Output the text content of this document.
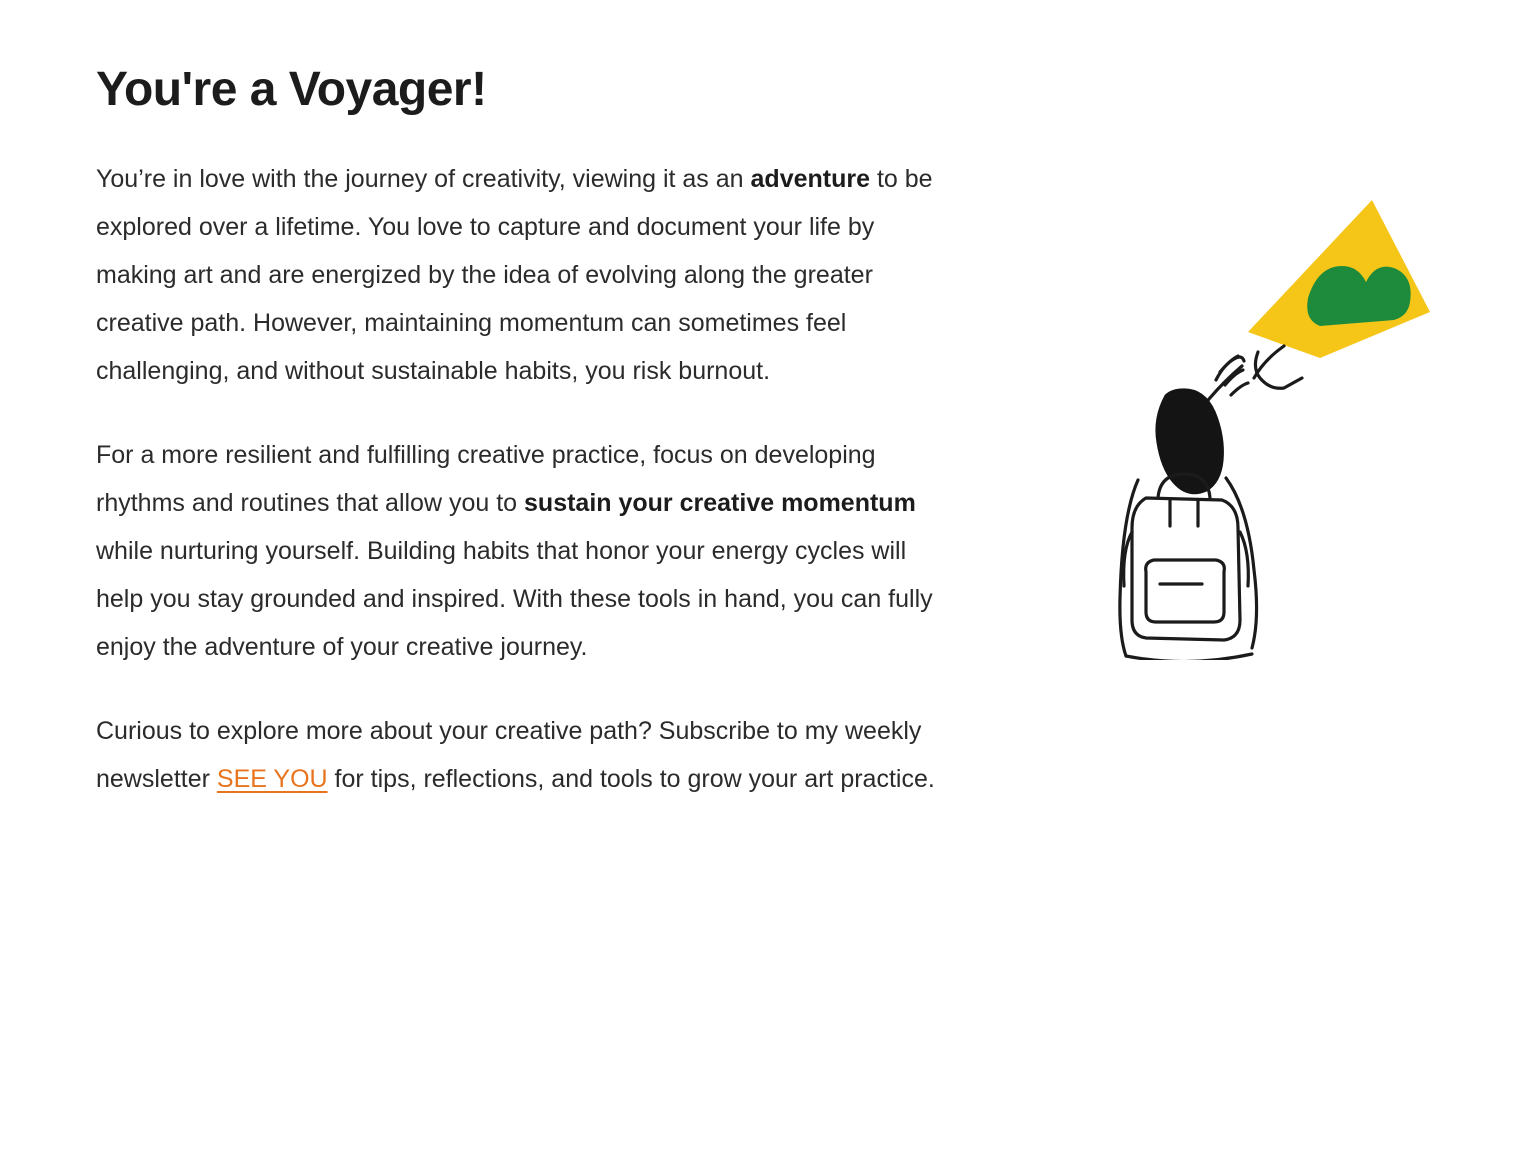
You're a Voyager!

You’re in love with the journey of creativity, viewing it as an adventure to be explored over a lifetime. You love to capture and document your life by making art and are energized by the idea of evolving along the greater creative path. However, maintaining momentum can sometimes feel challenging, and without sustainable habits, you risk burnout.

For a more resilient and fulfilling creative practice, focus on developing rhythms and routines that allow you to sustain your creative momentum while nurturing yourself. Building habits that honor your energy cycles will help you stay grounded and inspired. With these tools in hand, you can fully enjoy the adventure of your creative journey.

Curious to explore more about your creative path? Subscribe to my weekly newsletter SEE YOU for tips, reflections, and tools to grow your art practice.
